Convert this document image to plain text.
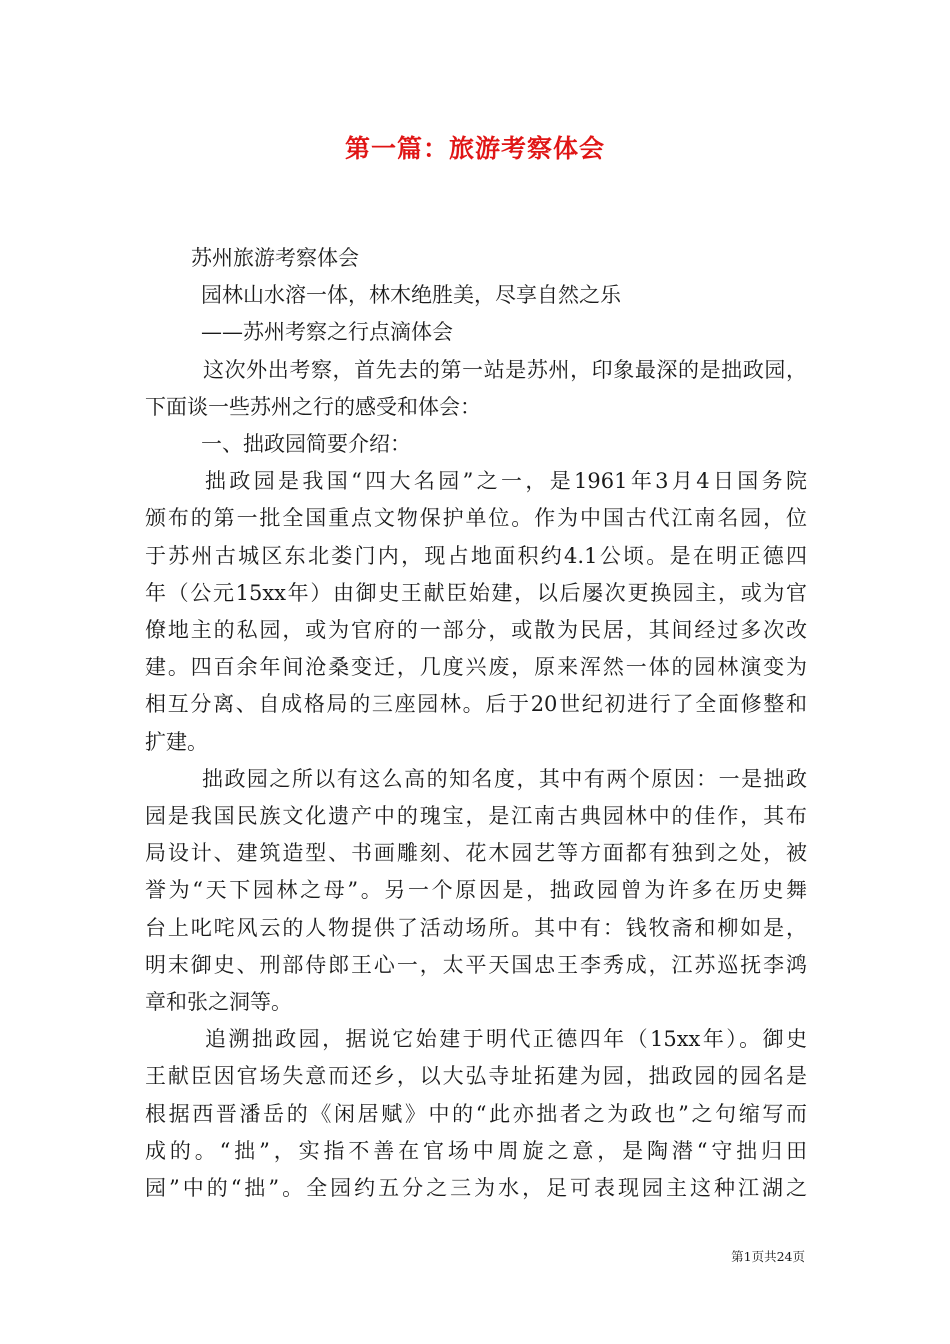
第一篇：旅游考察体会
苏州旅游考察体会
园林山水溶一体，林木绝胜美，尽享自然之乐
——苏州考察之行点滴体会
这次外出考察，首先去的第一站是苏州，印象最深的是拙政园，
下面谈一些苏州之行的感受和体会：
一、拙政园简要介绍：
拙政园是我国“四大名园”之一，是1961年3月4日国务院
颁布的第一批全国重点文物保护单位。作为中国古代江南名园，位
于苏州古城区东北娄门内，现占地面积约4.1公顷。是在明正德四
年（公元15xx年）由御史王献臣始建，以后屡次更换园主，或为官
僚地主的私园，或为官府的一部分，或散为民居，其间经过多次改
建。四百余年间沧桑变迁，几度兴废，原来浑然一体的园林演变为
相互分离、自成格局的三座园林。后于20世纪初进行了全面修整和
扩建。
拙政园之所以有这么高的知名度，其中有两个原因：一是拙政
园是我国民族文化遗产中的瑰宝，是江南古典园林中的佳作，其布
局设计、建筑造型、书画雕刻、花木园艺等方面都有独到之处，被
誉为“天下园林之母”。另一个原因是，拙政园曾为许多在历史舞
台上叱咤风云的人物提供了活动场所。其中有：钱牧斋和柳如是，
明末御史、刑部侍郎王心一，太平天国忠王李秀成，江苏巡抚李鸿
章和张之洞等。
追溯拙政园，据说它始建于明代正德四年（15xx年）。御史
王献臣因官场失意而还乡，以大弘寺址拓建为园，拙政园的园名是
根据西晋潘岳的《闲居赋》中的“此亦拙者之为政也”之句缩写而
成的。“拙”，实指不善在官场中周旋之意，是陶潜“守拙归田
园”中的“拙”。全园约五分之三为水，足可表现园主这种江湖之
第1页共24页
